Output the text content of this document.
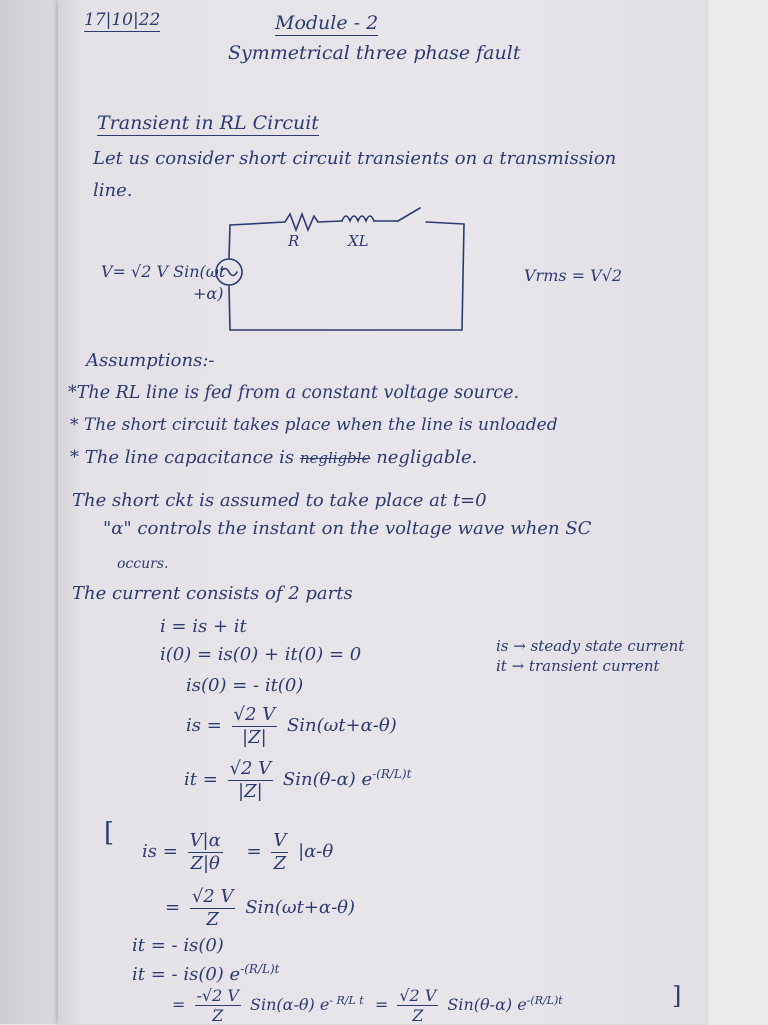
17|10|22	Module - 2
Symmetrical three phase fault
Transient in RL Circuit
Let us consider short circuit transients on a transmission
line.
R	XL
V= √2 V Sin(ωt
+α)
Vrms = V√2
Assumptions:-
*The RL line is fed from a constant voltage source.
* The short circuit takes place when the line is unloaded
* The line capacitance is negligble negligable.
The short ckt is assumed to take place at t=0
"α" controls the instant on the voltage wave when SC
occurs.
The current consists of 2 parts
i = is + it
i(0) = is(0) + it(0) = 0
is(0) = - it(0)
is = $\frac{√2 V}{|Z|} Sin(\omega t+\alpha-\theta)$
it = $\frac{√2 V}{|Z|} Sin(\theta-\alpha)$ $e^{-(R/L)t}$
is → steady state current
it → transient current
[
is = $\frac{V|\alpha}{Z|\theta} = \frac{V}{Z} |\alpha-\theta$
= $\frac{√2 V}{Z} Sin(\omega t+\alpha-\theta)$
it = - is(0)
it = - is(0) $e^{-(R/L)t}$
= $\frac{-√2 V}{Z} Sin(\alpha-\theta) e^{- R/L t} = \frac{√2 V}{Z} Sin(\theta-\alpha)$ $e^{-(R/L)t}$	]
